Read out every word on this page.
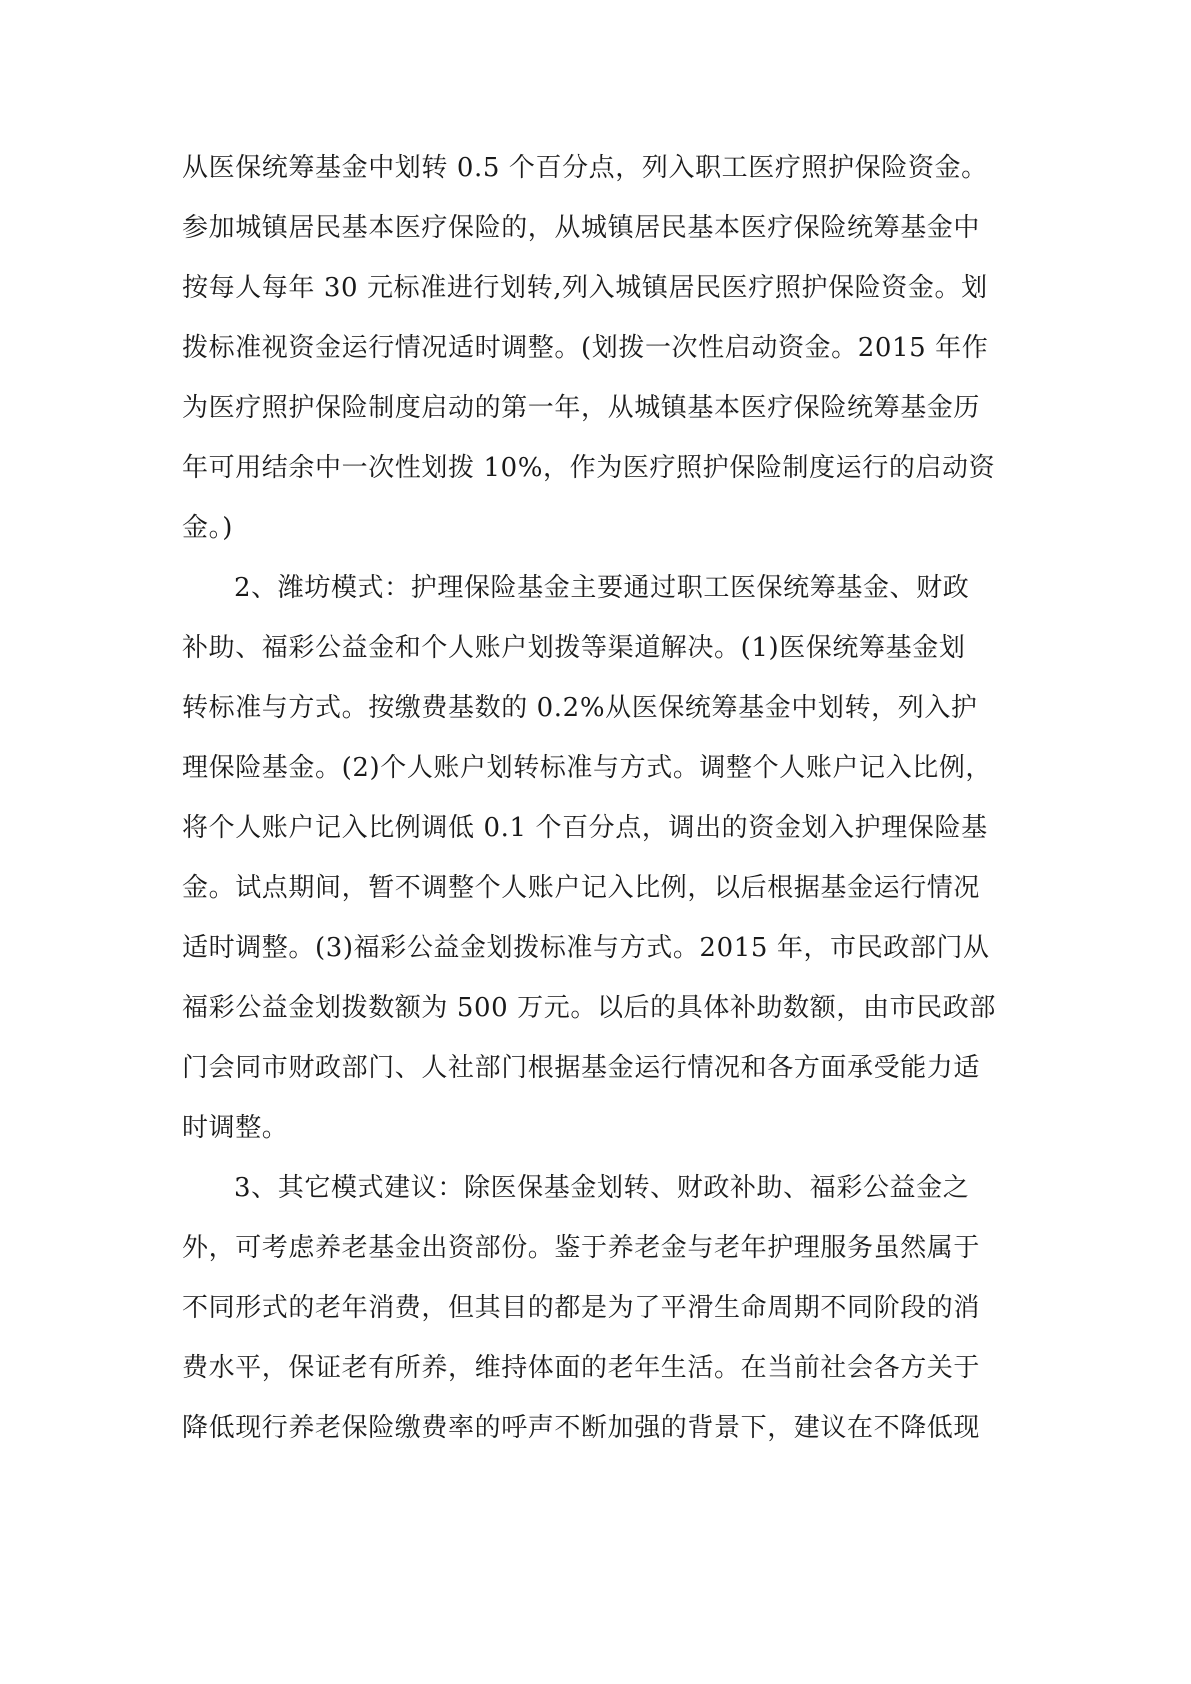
从医保统筹基金中划转 0.5 个百分点，列入职工医疗照护保险资金。
参加城镇居民基本医疗保险的，从城镇居民基本医疗保险统筹基金中
按每人每年 30 元标准进行划转,列入城镇居民医疗照护保险资金。划
拨标准视资金运行情况适时调整。(划拨一次性启动资金。2015 年作
为医疗照护保险制度启动的第一年，从城镇基本医疗保险统筹基金历
年可用结余中一次性划拨 10%，作为医疗照护保险制度运行的启动资
金。)
2、潍坊模式：护理保险基金主要通过职工医保统筹基金、财政
补助、福彩公益金和个人账户划拨等渠道解决。(1)医保统筹基金划
转标准与方式。按缴费基数的 0.2%从医保统筹基金中划转，列入护
理保险基金。(2)个人账户划转标准与方式。调整个人账户记入比例，
将个人账户记入比例调低 0.1 个百分点，调出的资金划入护理保险基
金。试点期间，暂不调整个人账户记入比例，以后根据基金运行情况
适时调整。(3)福彩公益金划拨标准与方式。2015 年，市民政部门从
福彩公益金划拨数额为 500 万元。以后的具体补助数额，由市民政部
门会同市财政部门、人社部门根据基金运行情况和各方面承受能力适
时调整。
3、其它模式建议：除医保基金划转、财政补助、福彩公益金之
外，可考虑养老基金出资部份。鉴于养老金与老年护理服务虽然属于
不同形式的老年消费，但其目的都是为了平滑生命周期不同阶段的消
费水平，保证老有所养，维持体面的老年生活。在当前社会各方关于
降低现行养老保险缴费率的呼声不断加强的背景下，建议在不降低现
